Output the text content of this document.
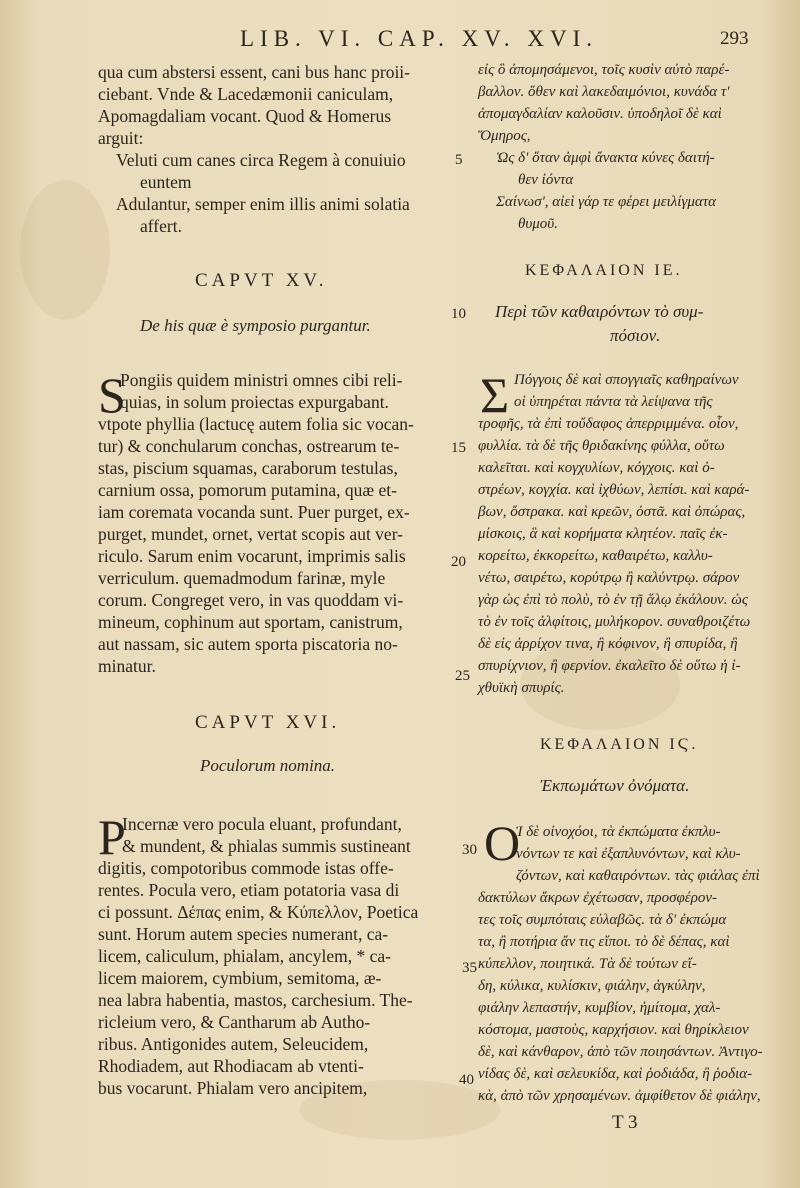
LIB. VI. CAP. XV. XVI.	293
qua cum abstersi essent, cani bus hanc proii-
ciebant. Vnde & Lacedæmonii caniculam,
Apomagdaliam vocant. Quod & Homerus
arguit:
Veluti cum canes circa Regem à conuiuio
euntem
Adulantur, semper enim illis animi solatia
affert.
εἰς ὃ ἀπομησάμενοι, τοῖς κυσὶν αὐτὸ παρέ-
βαλλον. ὅθεν καὶ λακεδαιμόνιοι, κυνάδα τ'
ἀπομαγδαλίαν καλοῦσιν. ὑποδηλοῖ δὲ καὶ
Ὅμηρος,
Ὡς δ' ὅταν ἀμφὶ ἄνακτα κύνες δαιτή-
θεν ἰόντα
Σαίνωσ', αἰεὶ γάρ τε φέρει μειλίγματα
θυμοῦ.
CAPVT XV.
De his quæ è symposio purgantur.
ΚΕΦΑΛΑΙΟΝ ΙΕ.
Περὶ τῶν καθαιρόντων τὸ συμ-
πόσιον.
S
Pongiis quidem ministri omnes cibi reli-
quias, in solum proiectas expurgabant.
vtpote phyllia (lactucę autem folia sic vocan-
tur) & conchularum conchas, ostrearum te-
stas, piscium squamas, caraborum testulas,
carnium ossa, pomorum putamina, quæ et-
iam coremata vocanda sunt. Puer purget, ex-
purget, mundet, ornet, vertat scopis aut ver-
riculo. Sarum enim vocarunt, imprimis salis
verriculum. quemadmodum farinæ, myle
corum. Congreget vero, in vas quoddam vi-
mineum, cophinum aut sportam, canistrum,
aut nassam, sic autem sporta piscatoria no-
minatur.
Σ Πόγγοις δὲ καὶ σπογγιαῖς καθηραίνων
οἱ ὑπηρέται πάντα τὰ λείψανα τῆς
τροφῆς, τὰ ἐπὶ τοὔδαφος ἀπερριμμένα. οἷον,
φυλλία. τὰ δὲ τῆς θριδακίνης φύλλα, οὕτω
καλεῖται. καὶ κογχυλίων, κόγχοις. καὶ ὀ-
στρέων, κογχία. καὶ ἰχθύων, λεπίσι. καὶ καρά-
βων, ὄστρακα. καὶ κρεῶν, ὀστᾶ. καὶ ὀπώρας,
μίσκοις, ἃ καὶ κορήματα κλητέον. παῖς ἐκ-
κορείτω, ἐκκορείτω, καθαιρέτω, καλλυ-
νέτω, σαιρέτω, κορύτρῳ ἢ καλύντρῳ. σάρον
γὰρ ὡς ἐπὶ τὸ πολὺ, τὸ ἐν τῇ ἅλῳ ἐκάλουν. ὡς
τὸ ἐν τοῖς ἀλφίτοις, μυλήκορον. συναθροιζέτω
δὲ εἰς ἀρρίχον τινα, ἢ κόφινον, ἢ σπυρίδα, ἢ
σπυρίχνιον, ἢ φερνίον. ἐκαλεῖτο δὲ οὕτω ἡ ἰ-
χθυϊκὴ σπυρίς.
CAPVT XVI.
Poculorum nomina.
ΚΕΦΑΛΑΙΟΝ ΙϚ.
Ἐκπωμάτων ὀνόματα.
P
Incernæ vero pocula eluant, profundant,
& mundent, & phialas summis sustineant
digitis, compotoribus commode istas offe-
rentes. Pocula vero, etiam potatoria vasa di
ci possunt. Δέπας enim, & Κύπελλον, Poetica
sunt. Horum autem species numerant, ca-
licem, caliculum, phialam, ancylem, * ca-
licem maiorem, cymbium, semitoma, æ-
nea labra habentia, mastos, carchesium. The-
ricleium vero, & Cantharum ab Autho-
ribus. Antigonides autem, Seleucidem,
Rhodiadem, aut Rhodiacam ab vtenti-
bus vocarunt. Phialam vero ancipitem,
Ο
Ἱ δὲ οἰνοχόοι, τὰ ἐκπώματα ἐκπλυ-
νόντων τε καὶ ἐξαπλυνόντων, καὶ κλυ-
ζόντων, καὶ καθαιρόντων. τὰς φιάλας ἐπὶ
δακτύλων ἄκρων ἐχέτωσαν, προσφέρον-
τες τοῖς συμπόταις εὐλαβῶς. τὰ δ' ἐκπώμα
τα, ἢ ποτήρια ἄν τις εἴποι. τὸ δὲ δέπας, καὶ
κύπελλον, ποιητικά. Τὰ δὲ τούτων εἴ-
δη, κύλικα, κυλίσκιν, φιάλην, ἀγκύλην,
φιάλην λεπαστήν, κυμβίον, ἡμίτομα, χαλ-
κόστομα, μαστοὺς, καρχήσιον. καὶ θηρίκλειον
δὲ, καὶ κάνθαρον, ἀπὸ τῶν ποιησάντων. Ἀντιγο-
νίδας δὲ, καὶ σελευκίδα, καὶ ῥοδιάδα, ἢ ῥοδια-
κὰ, ἀπὸ τῶν χρησαμένων. ἀμφίθετον δὲ φιάλην,
5
10
15
20
25
30
35
40
T 3
